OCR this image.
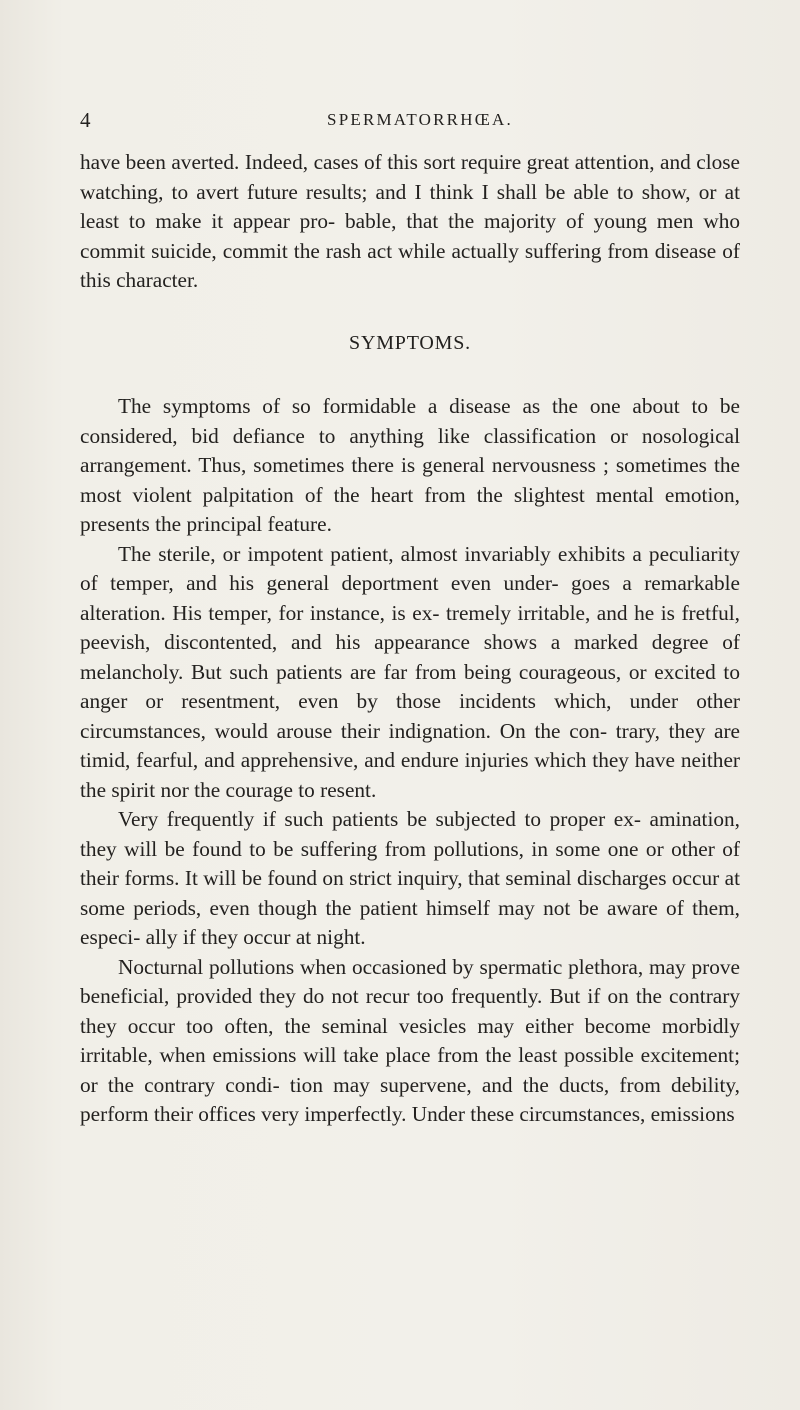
4	SPERMATORRHŒA.

have been averted. Indeed, cases of this sort require great attention, and close watching, to avert future results; and I think I shall be able to show, or at least to make it appear pro- bable, that the majority of young men who commit suicide, commit the rash act while actually suffering from disease of this character.

SYMPTOMS.

The symptoms of so formidable a disease as the one about to be considered, bid defiance to anything like classification or nosological arrangement. Thus, sometimes there is general nervousness ; sometimes the most violent palpitation of the heart from the slightest mental emotion, presents the principal feature.

The sterile, or impotent patient, almost invariably exhibits a peculiarity of temper, and his general deportment even under- goes a remarkable alteration. His temper, for instance, is ex- tremely irritable, and he is fretful, peevish, discontented, and his appearance shows a marked degree of melancholy. But such patients are far from being courageous, or excited to anger or resentment, even by those incidents which, under other circumstances, would arouse their indignation. On the con- trary, they are timid, fearful, and apprehensive, and endure injuries which they have neither the spirit nor the courage to resent.

Very frequently if such patients be subjected to proper ex- amination, they will be found to be suffering from pollutions, in some one or other of their forms. It will be found on strict inquiry, that seminal discharges occur at some periods, even though the patient himself may not be aware of them, especi- ally if they occur at night.

Nocturnal pollutions when occasioned by spermatic plethora, may prove beneficial, provided they do not recur too frequently. But if on the contrary they occur too often, the seminal vesicles may either become morbidly irritable, when emissions will take place from the least possible excitement; or the contrary condi- tion may supervene, and the ducts, from debility, perform their offices very imperfectly. Under these circumstances, emissions
